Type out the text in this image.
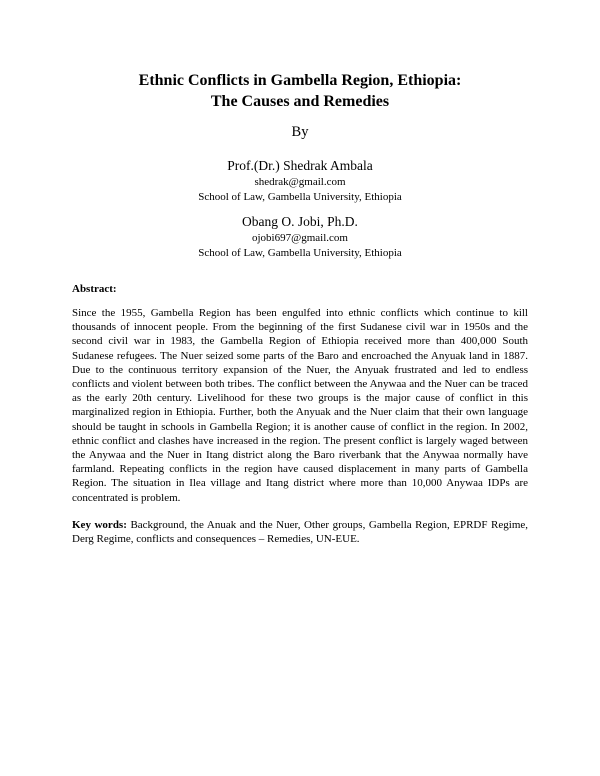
Ethnic Conflicts in Gambella Region, Ethiopia:
The Causes and Remedies

By

Prof.(Dr.) Shedrak Ambala
shedrak@gmail.com
School of Law, Gambella University, Ethiopia
Obang O. Jobi, Ph.D.
ojobi697@gmail.com
School of Law, Gambella University, Ethiopia

Abstract:

Since the 1955, Gambella Region has been engulfed into ethnic conflicts which continue to kill thousands of innocent people. From the beginning of the first Sudanese civil war in 1950s and the second civil war in 1983, the Gambella Region of Ethiopia received more than 400,000 South Sudanese refugees. The Nuer seized some parts of the Baro and encroached the Anyuak land in 1887. Due to the continuous territory expansion of the Nuer, the Anyuak frustrated and led to endless conflicts and violent between both tribes. The conflict between the Anywaa and the Nuer can be traced as the early 20th century. Livelihood for these two groups is the major cause of conflict in this marginalized region in Ethiopia. Further, both the Anyuak and the Nuer claim that their own language should be taught in schools in Gambella Region; it is another cause of conflict in the region. In 2002, ethnic conflict and clashes have increased in the region. The present conflict is largely waged between the Anywaa and the Nuer in Itang district along the Baro riverbank that the Anywaa normally have farmland. Repeating conflicts in the region have caused displacement in many parts of Gambella Region. The situation in Ilea village and Itang district where more than 10,000 Anywaa IDPs are concentrated is problem.

Key words: Background, the Anuak and the Nuer, Other groups, Gambella Region, EPRDF Regime, Derg Regime, conflicts and consequences – Remedies, UN-EUE.
